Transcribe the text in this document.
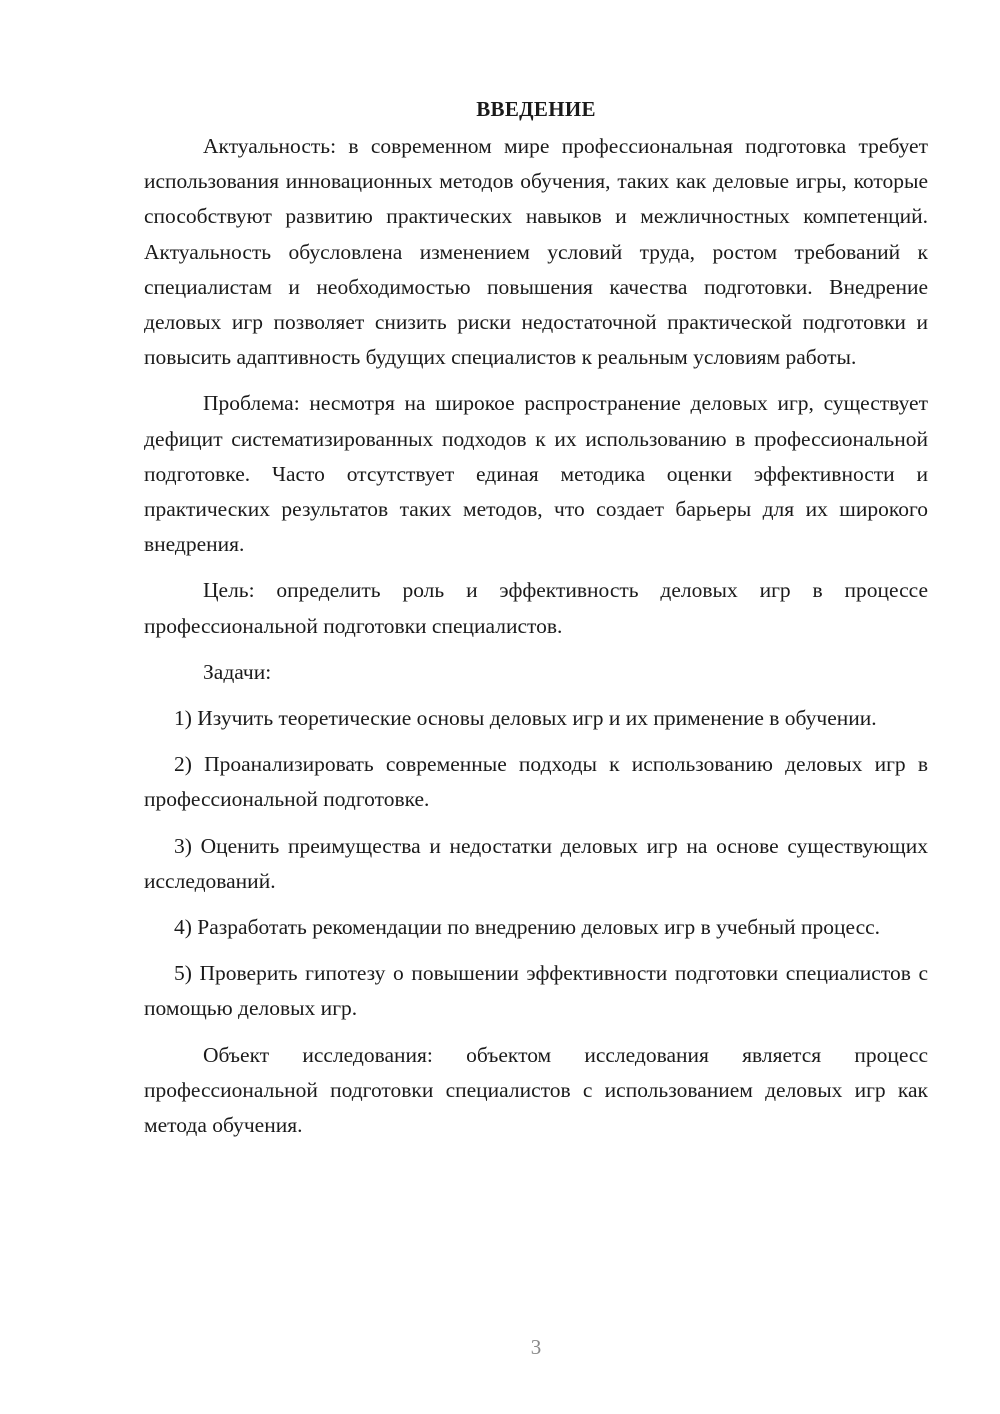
ВВЕДЕНИЕ

Актуальность: в современном мире профессиональная подготовка требует использования инновационных методов обучения, таких как деловые игры, которые способствуют развитию практических навыков и межличностных компетенций. Актуальность обусловлена изменением условий труда, ростом требований к специалистам и необходимостью повышения качества подготовки. Внедрение деловых игр позволяет снизить риски недостаточной практической подготовки и повысить адаптивность будущих специалистов к реальным условиям работы.

Проблема: несмотря на широкое распространение деловых игр, существует дефицит систематизированных подходов к их использованию в профессиональной подготовке. Часто отсутствует единая методика оценки эффективности и практических результатов таких методов, что создает барьеры для их широкого внедрения.

Цель: определить роль и эффективность деловых игр в процессе профессиональной подготовки специалистов.

Задачи:

1) Изучить теоретические основы деловых игр и их применение в обучении.

2) Проанализировать современные подходы к использованию деловых игр в профессиональной подготовке.

3) Оценить преимущества и недостатки деловых игр на основе существующих исследований.

4) Разработать рекомендации по внедрению деловых игр в учебный процесс.

5) Проверить гипотезу о повышении эффективности подготовки специалистов с помощью деловых игр.

Объект исследования: объектом исследования является процесс профессиональной подготовки специалистов с использованием деловых игр как метода обучения.

3
